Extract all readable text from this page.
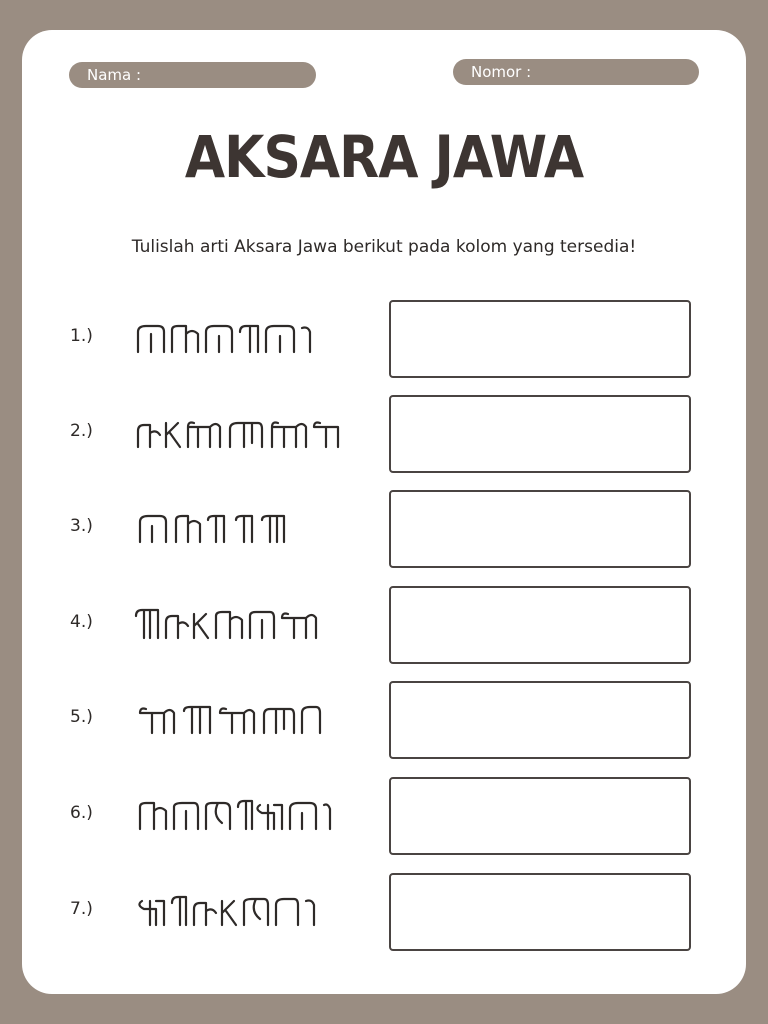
Nama :	Nomor :
AKSARA JAWA
Tulislah arti Aksara Jawa berikut pada kolom yang tersedia!
1.)
2.)
3.)
4.)
5.)
6.)
7.)
